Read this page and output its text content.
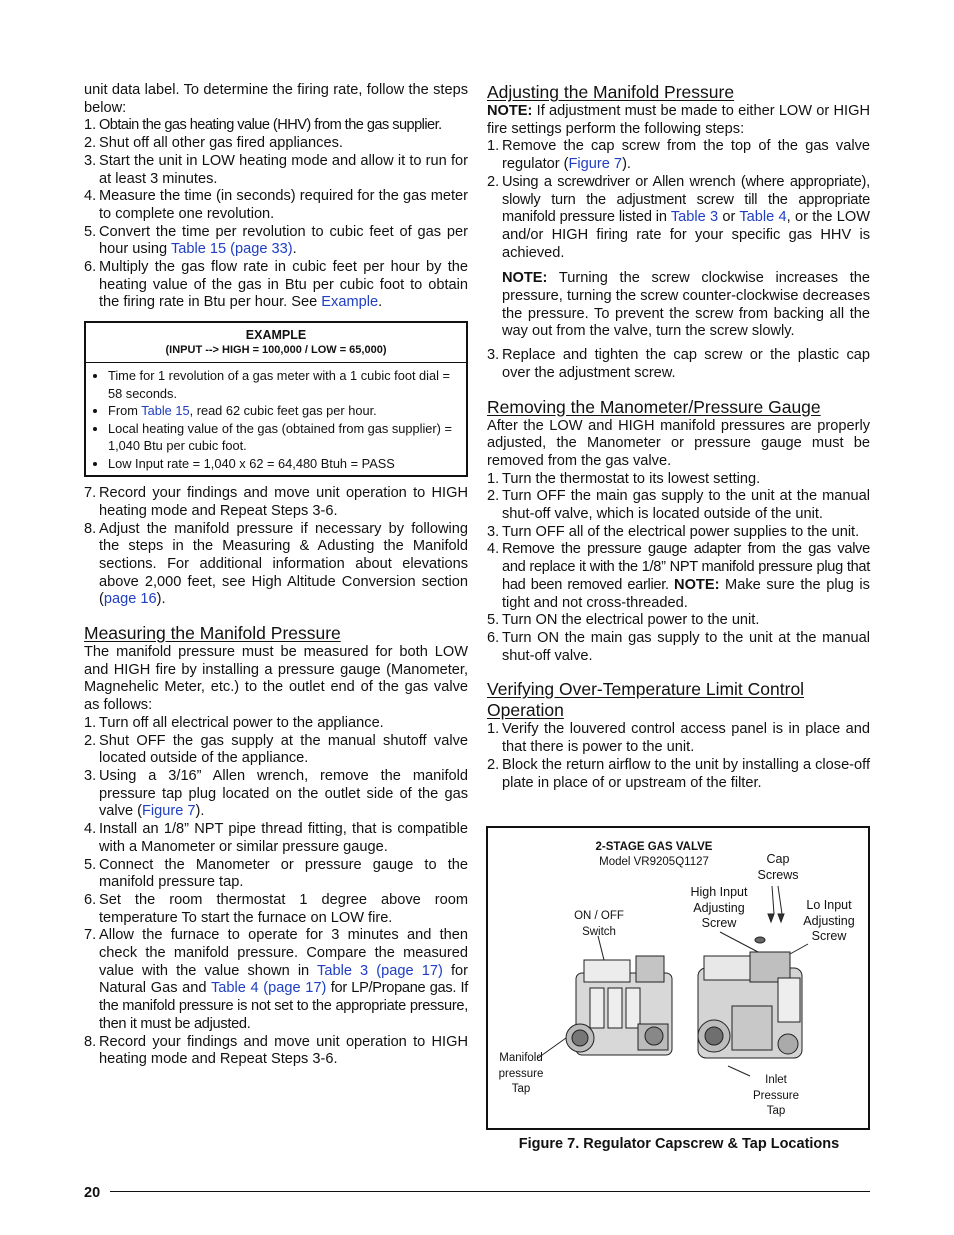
unit data label. To determine the firing rate, follow the steps below:

1. Obtain the gas heating value (HHV) from the gas supplier.
2. Shut off all other gas fired appliances.
3. Start the unit in LOW heating mode and allow it to run for at least 3 minutes.
4. Measure the time (in seconds) required for the gas meter to complete one revolution.
5. Convert the time per revolution to cubic feet of gas per hour using Table 15 (page 33).
6. Multiply the gas flow rate in cubic feet per hour by the heating value of the gas in Btu per cubic foot to obtain the firing rate in Btu per hour. See Example.
EXAMPLE
(INPUT --> HIGH = 100,000 / LOW = 65,000)
• Time for 1 revolution of a gas meter with a 1 cubic foot dial = 58 seconds.
• From Table 15, read 62 cubic feet gas per hour.
• Local heating value of the gas (obtained from gas supplier) = 1,040 Btu per cubic foot.
• Low Input rate = 1,040 x 62 = 64,480 Btuh = PASS
7. Record your findings and move unit operation to HIGH heating mode and Repeat Steps 3-6.
8. Adjust the manifold pressure if necessary by following the steps in the Measuring & Adusting the Manifold sections. For additional information about elevations above 2,000 feet, see High Altitude Conversion section (page 16).
Measuring the Manifold Pressure

The manifold pressure must be measured for both LOW and HIGH fire by installing a pressure gauge (Manometer, Magnehelic Meter, etc.) to the outlet end of the gas valve as follows:

1. Turn off all electrical power to the appliance.
2. Shut OFF the gas supply at the manual shutoff valve located outside of the appliance.
3. Using a 3/16” Allen wrench, remove the manifold pressure tap plug located on the outlet side of the gas valve (Figure 7).
4. Install an 1/8” NPT pipe thread fitting, that is compatible with a Manometer or similar pressure gauge.
5. Connect the Manometer or pressure gauge to the manifold pressure tap.
6. Set the room thermostat 1 degree above room temperature To start the furnace on LOW fire.
7. Allow the furnace to operate for 3 minutes and then check the manifold pressure. Compare the measured value with the value shown in Table 3 (page 17) for Natural Gas and Table 4 (page 17) for LP/Propane gas. If the manifold pressure is not set to the appropriate pressure, then it must be adjusted.
8. Record your findings and move unit operation to HIGH heating mode and Repeat Steps 3-6.
Adjusting the Manifold Pressure

NOTE: If adjustment must be made to either LOW or HIGH fire settings perform the following steps:

1. Remove the cap screw from the top of the gas valve regulator (Figure 7).
2. Using a screwdriver or Allen wrench (where appropriate), slowly turn the adjustment screw till the appropriate manifold pressure listed in Table 3 or Table 4, or the LOW and/or HIGH firing rate for your specific gas HHV is achieved.

NOTE: Turning the screw clockwise increases the pressure, turning the screw counter-clockwise decreases the pressure. To prevent the screw from backing all the way out from the valve, turn the screw slowly.

3. Replace and tighten the cap screw or the plastic cap over the adjustment screw.
Removing the Manometer/Pressure Gauge

After the LOW and HIGH manifold pressures are properly adjusted, the Manometer or pressure gauge must be removed from the gas valve.

1. Turn the thermostat to its lowest setting.
2. Turn OFF the main gas supply to the unit at the manual shut-off valve, which is located outside of the unit.
3. Turn OFF all of the electrical power supplies to the unit.
4. Remove the pressure gauge adapter from the gas valve and replace it with the 1/8” NPT manifold pressure plug that had been removed earlier. NOTE: Make sure the plug is tight and not cross-threaded.
5. Turn ON the electrical power to the unit.
6. Turn ON the main gas supply to the unit at the manual shut-off valve.
Verifying Over-Temperature Limit Control Operation
1. Verify the louvered control access panel is in place and that there is power to the unit.
2. Block the return airflow to the unit by installing a close-off plate in place of or upstream of the filter.
2-STAGE GAS VALVE
Model VR9205Q1127	Cap Screws
High Input Adjusting Screw
Lo Input Adjusting Screw
ON / OFF Switch
Manifold pressure Tap
Inlet Pressure Tap
Figure 7. Regulator Capscrew & Tap Locations
20
